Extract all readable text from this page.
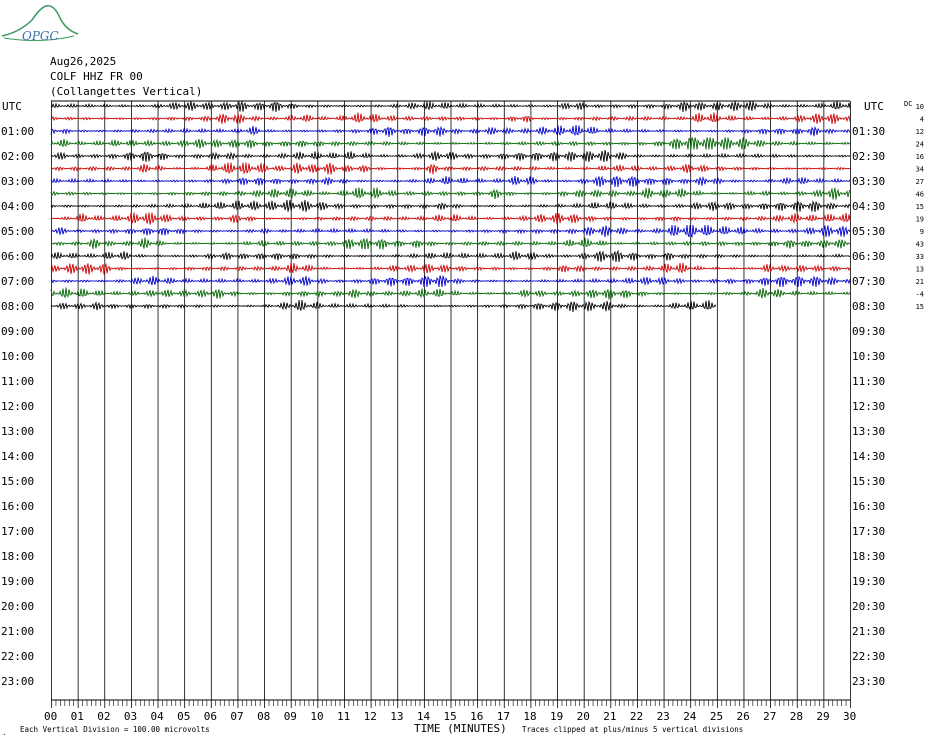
OPGC
Aug26,2025
COLF HHZ FR 00
(Collangettes Vertical)
00 01 02 03 04 05 06 07 08 09 10 11 12 13 14 15 16 17 18 19 20 21 22 23 24 25 26 27 28 29 30
01:00	01:30
02:00	02:30
03:00	03:30
04:00	04:30
05:00	05:30
06:00	06:30
07:00	07:30
08:00	08:30
09:00	09:30
10:00	10:30
11:00	11:30
12:00	12:30
13:00	13:30
14:00	14:30
15:00	15:30
16:00	16:30
17:00	17:30
18:00	18:30
19:00	19:30
20:00	20:30
21:00	21:30
22:00	22:30
23:00	23:30
10
4
12
24
16
34
27
46
15
19
9
43
33
13
21
-4
15
UTC	UTC	DC
. Each Vertical Division = 100.00 microvolts	TIME (MINUTES) Traces clipped at plus/minus 5 vertical divisions
